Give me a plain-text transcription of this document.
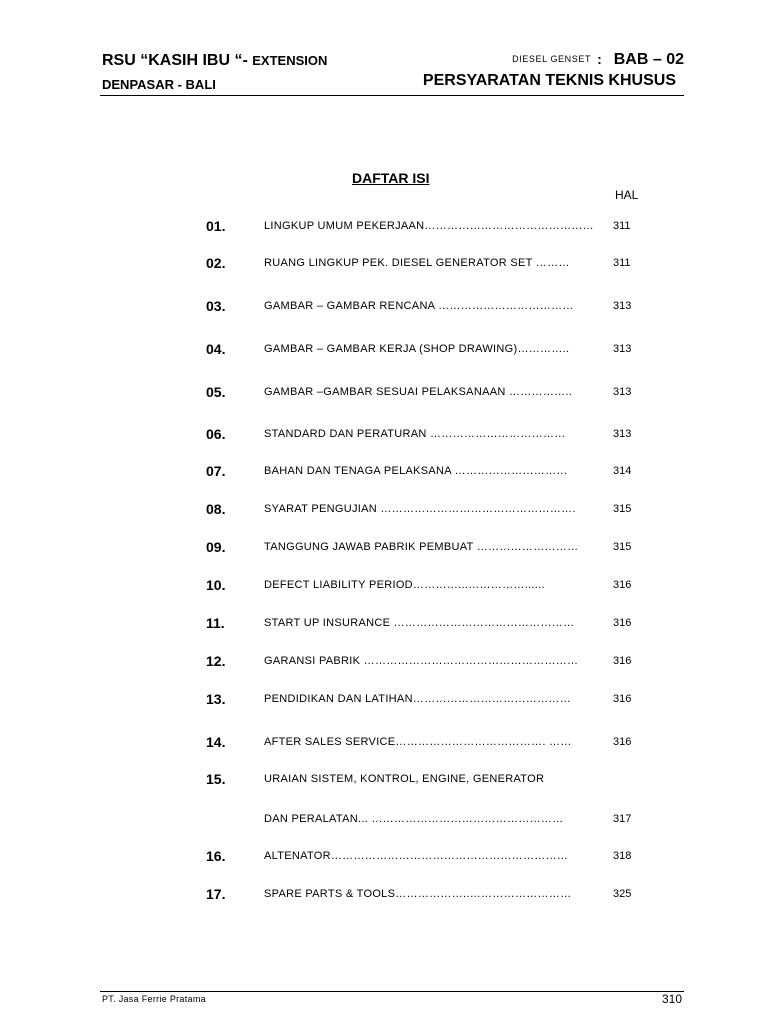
RSU “KASIH IBU “- EXTENSION	DIESEL GENSET : BAB – 02
DENPASAR - BALI	PERSYARATAN TEKNIS KHUSUS
DAFTAR ISI
HAL
01.	LINGKUP UMUM PEKERJAAN……………………………………… 311
02.	RUANG LINGKUP PEK. DIESEL GENERATOR SET ………	311
03.	GAMBAR – GAMBAR RENCANA ………………………………	313
04.	GAMBAR – GAMBAR KERJA (SHOP DRAWING)…………..	313
05.	GAMBAR –GAMBAR SESUAI PELAKSANAAN ……………..	313
06.	STANDARD DAN PERATURAN ………………………………	313
07.	BAHAN DAN TENAGA PELAKSANA …………………………	314
08.	SYARAT PENGUJIAN …………………………………………….	315
09.	TANGGUNG JAWAB PABRIK PEMBUAT ………………………	315
10.	DEFECT LIABILITY PERIOD…………...……………......	316
11.	START UP INSURANCE …………………………………………	316
12.	GARANSI PABRIK …………………………………………………	316
13.	PENDIDIKAN DAN LATIHAN……………………………………	316
14.	AFTER SALES SERVICE…………………………………. ……	316
15.	URAIAN SISTEM, KONTROL, ENGINE, GENERATOR
DAN PERALATAN... ……………………………………………	317
16.	ALTENATOR………………………………………………………	318
17.	SPARE PARTS & TOOLS………………..………………………	325
PT. Jasa Ferrie Pratama	310
